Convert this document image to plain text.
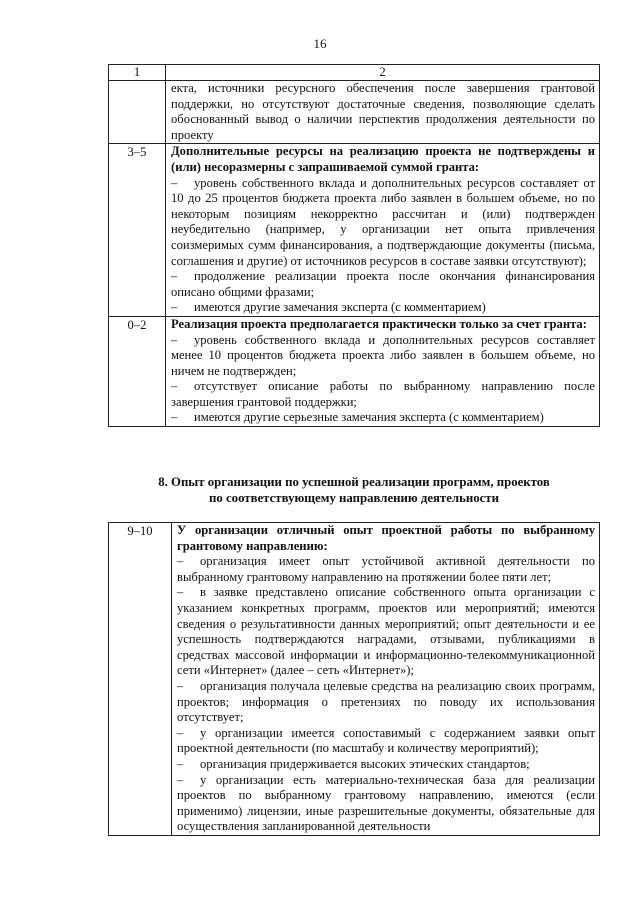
16
1	2

	екта, источники ресурсного обеспечения после завершения грантовой поддержки, но отсутствуют достаточные сведения, позволяющие сделать обоснованный вывод о наличии перспектив продолжения деятельности по проекту

3–5	Дополнительные ресурсы на реализацию проекта не подтверждены и (или) несоразмерны с запрашиваемой суммой гранта:
– уровень собственного вклада и дополнительных ресурсов составляет от 10 до 25 процентов бюджета проекта либо заявлен в большем объеме, но по некоторым позициям некорректно рассчитан и (или) подтвержден неубедительно (например, у организации нет опыта привлечения соизмеримых сумм финансирования, а подтверждающие документы (письма, соглашения и другие) от источников ресурсов в составе заявки отсутствуют);
– продолжение реализации проекта после окончания финансирования описано общими фразами;
– имеются другие замечания эксперта (с комментарием)

0–2	Реализация проекта предполагается практически только за счет гранта:
– уровень собственного вклада и дополнительных ресурсов составляет менее 10 процентов бюджета проекта либо заявлен в большем объеме, но ничем не подтвержден;
– отсутствует описание работы по выбранному направлению после завершения грантовой поддержки;
– имеются другие серьезные замечания эксперта (с комментарием)
8. Опыт организации по успешной реализации программ, проектов
по соответствующему направлению деятельности
9–10	У организации отличный опыт проектной работы по выбранному грантовому направлению:
– организация имеет опыт устойчивой активной деятельности по выбранному грантовому направлению на протяжении более пяти лет;
– в заявке представлено описание собственного опыта организации с указанием конкретных программ, проектов или мероприятий; имеются сведения о результативности данных мероприятий; опыт деятельности и ее успешность подтверждаются наградами, отзывами, публикациями в средствах массовой информации и информационно-телекоммуникационной сети «Интернет» (далее – сеть «Интернет»);
– организация получала целевые средства на реализацию своих программ, проектов; информация о претензиях по поводу их использования отсутствует;
– у организации имеется сопоставимый с содержанием заявки опыт проектной деятельности (по масштабу и количеству мероприятий);
– организация придерживается высоких этических стандартов;
– у организации есть материально-техническая база для реализации проектов по выбранному грантовому направлению, имеются (если применимо) лицензии, иные разрешительные документы, обязательные для осуществления запланированной деятельности
